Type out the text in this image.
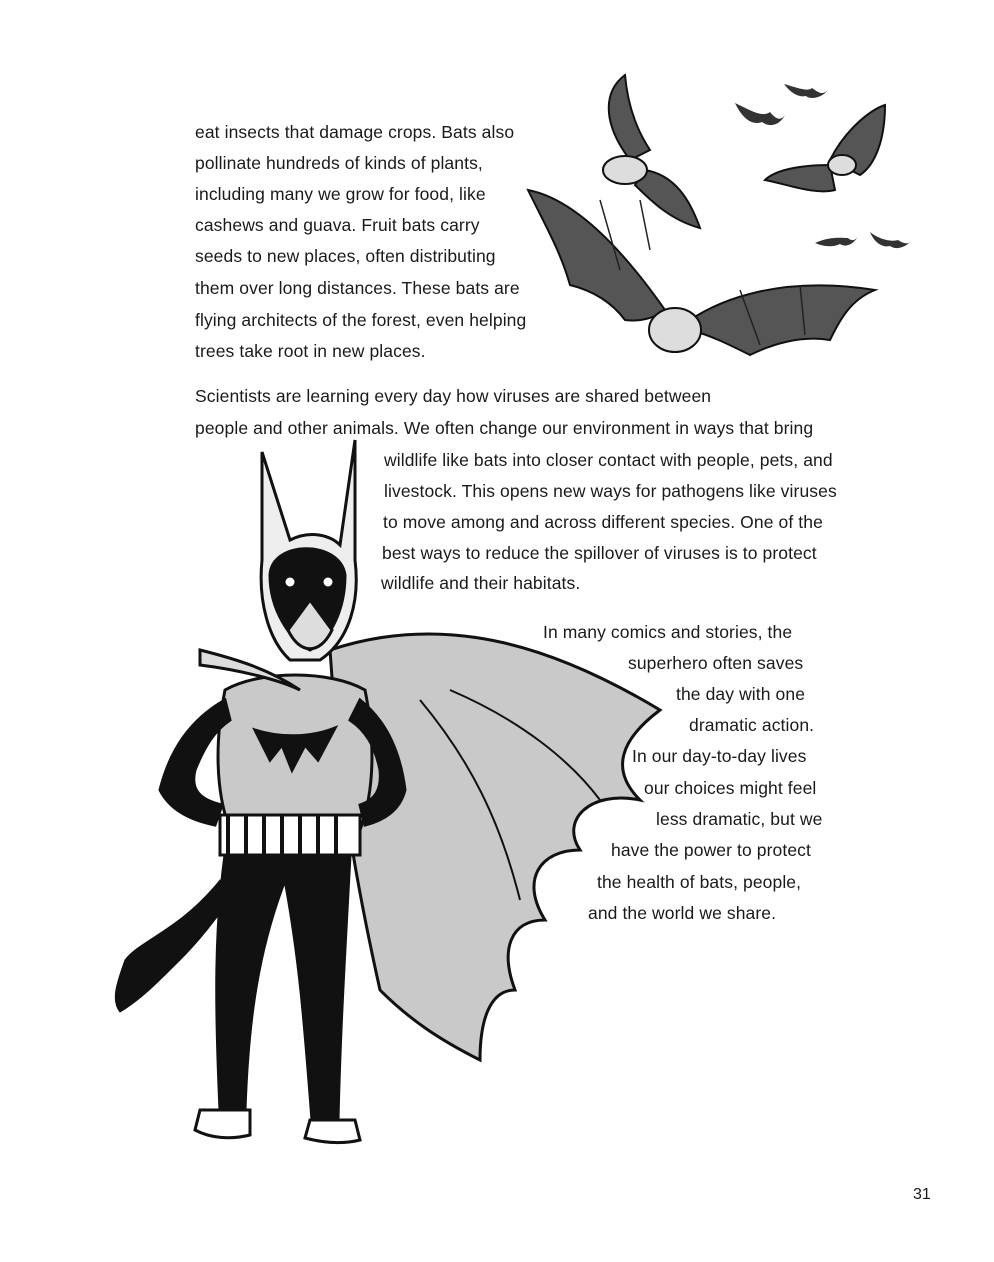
eat insects that damage crops. Bats also
pollinate hundreds of kinds of plants,
including many we grow for food, like
cashews and guava. Fruit bats carry
seeds to new places, often distributing
them over long distances. These bats are
flying architects of the forest, even helping
trees take root in new places.
Scientists are learning every day how viruses are shared between
people and other animals. We often change our environment in ways that bring
wildlife like bats into closer contact with people, pets, and
livestock. This opens new ways for pathogens like viruses
to move among and across different species. One of the
best ways to reduce the spillover of viruses is to protect
wildlife and their habitats.
In many comics and stories, the
superhero often saves
the day with one
dramatic action.
In our day-to-day lives
our choices might feel
less dramatic, but we
have the power to protect
the health of bats, people,
and the world we share.
31
